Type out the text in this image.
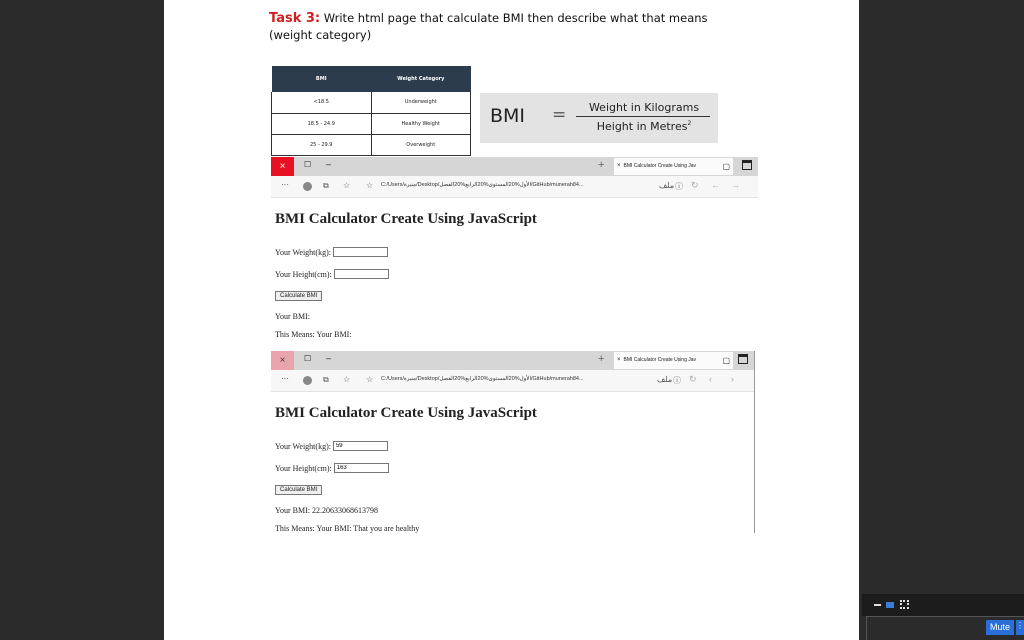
Task 3: Write html page that calculate BMI then describe what that means (weight category)
BMI	Weight Category
<18.5	Underweight
18.5 - 24.9	Healthy Weight
25 - 29.9	Overweight
BMI =	Weight in Kilograms
Height in Metres$^2$
×	☐ –	+	× BMI Calculator Create Using Jav	▢
···	⧉ ☆ ☆ C:/Users/منيرة/Desktop/الأول%20المستوى%20الرابع%20الفصل/GitHub/munerah84...	ملف ⓘ ↻ ← →
BMI Calculator Create Using JavaScript
Your Weight(kg):
Your Height(cm):
Calculate BMI
Your BMI:
This Means: Your BMI:
×	☐ –	+	× BMI Calculator Create Using Jav	▢
···	⧉ ☆ ☆ C:/Users/منيرة/Desktop/الأول%20المستوى%20الرابع%20الفصل/GitHub/munerah84...	ملف ⓘ ↻ ‹ ›
BMI Calculator Create Using JavaScript
Your Weight(kg):
59
Your Height(cm):
163
Calculate BMI
Your BMI: 22.20633068613798
This Means: Your BMI: That you are healthy
Mute ⋮
